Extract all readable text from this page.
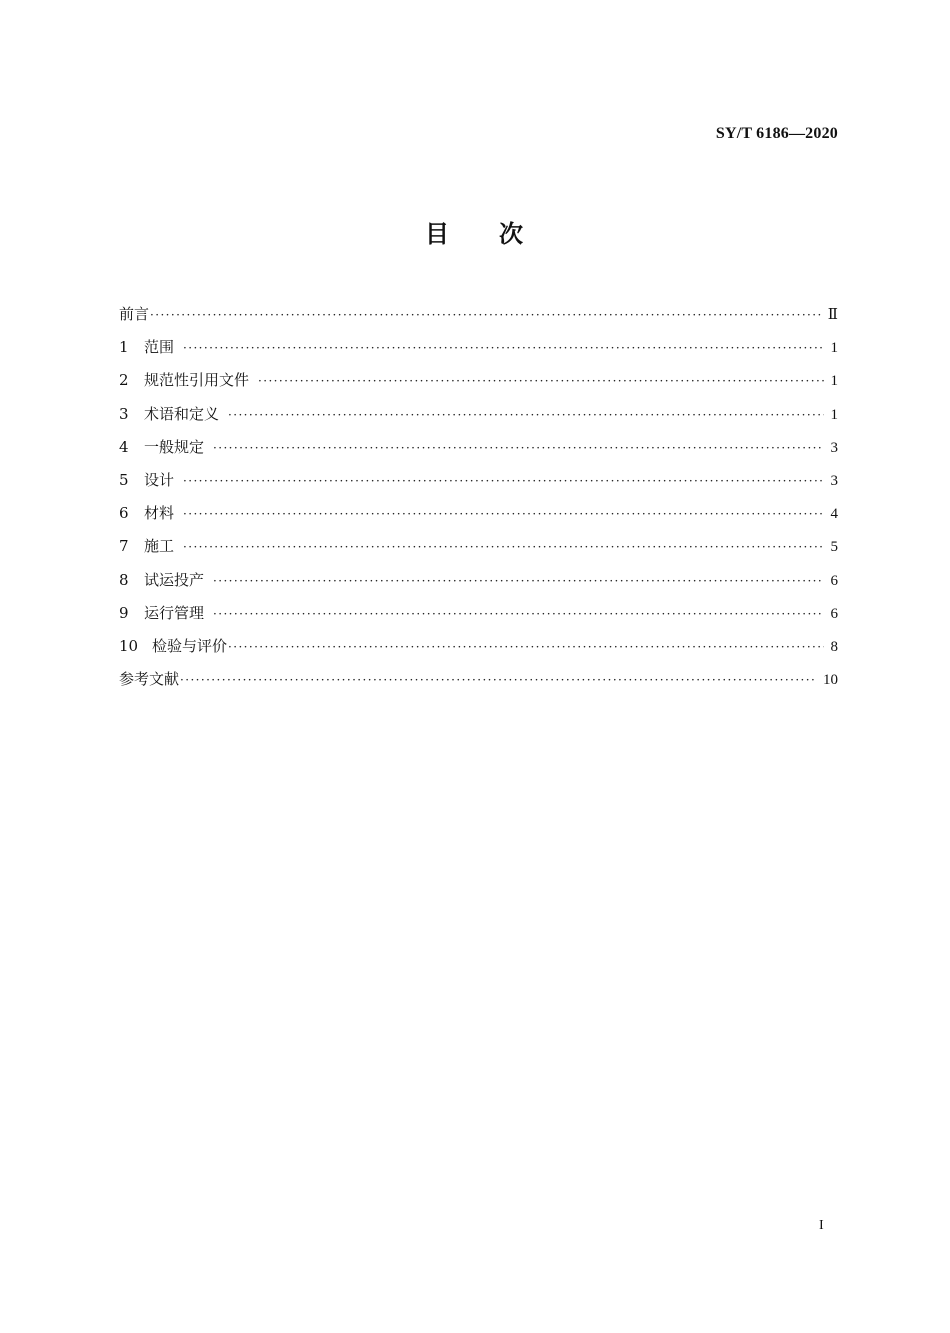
SY/T 6186—2020
目 次
前言 ·····	Ⅱ
1	范围 ·····	1
2	规范性引用文件 ·····	1
3	术语和定义 ·····	1
4	一般规定 ·····	3
5	设计 ·····	3
6	材料 ·····	4
7	施工 ·····	5
8	试运投产 ·····	6
9	运行管理 ·····	6
10 检验与评价 ·····	8
参考文献 ·····	10
I
